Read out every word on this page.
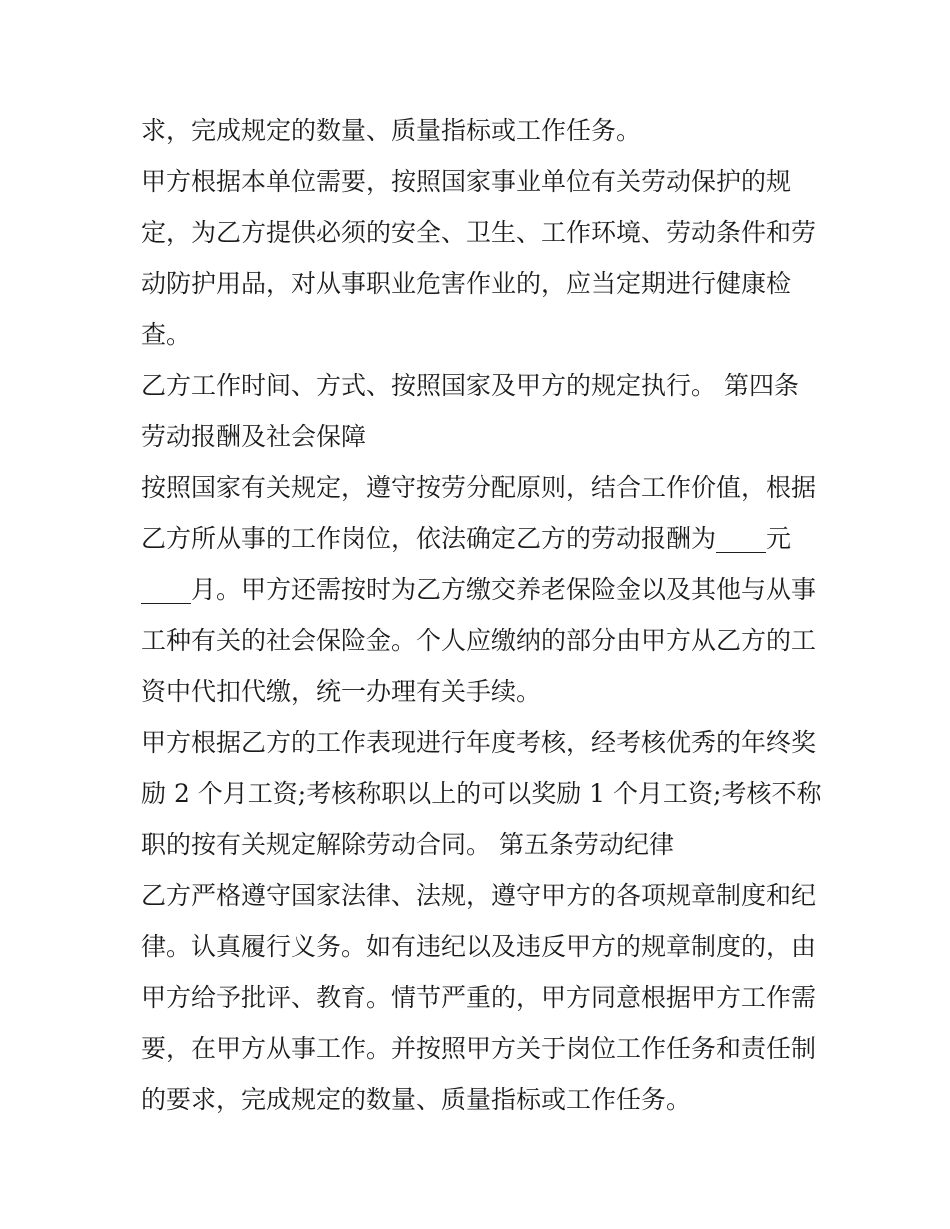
求，完成规定的数量、质量指标或工作任务。
甲方根据本单位需要，按照国家事业单位有关劳动保护的规
定，为乙方提供必须的安全、卫生、工作环境、劳动条件和劳
动防护用品，对从事职业危害作业的，应当定期进行健康检
查。
乙方工作时间、方式、按照国家及甲方的规定执行。 第四条
劳动报酬及社会保障
按照国家有关规定，遵守按劳分配原则，结合工作价值，根据
乙方所从事的工作岗位，依法确定乙方的劳动报酬为____元
____月。甲方还需按时为乙方缴交养老保险金以及其他与从事
工种有关的社会保险金。个人应缴纳的部分由甲方从乙方的工
资中代扣代缴，统一办理有关手续。
甲方根据乙方的工作表现进行年度考核，经考核优秀的年终奖
励 2 个月工资;考核称职以上的可以奖励 1 个月工资;考核不称
职的按有关规定解除劳动合同。 第五条劳动纪律
乙方严格遵守国家法律、法规，遵守甲方的各项规章制度和纪
律。认真履行义务。如有违纪以及违反甲方的规章制度的，由
甲方给予批评、教育。情节严重的，甲方同意根据甲方工作需
要，在甲方从事工作。并按照甲方关于岗位工作任务和责任制
的要求，完成规定的数量、质量指标或工作任务。
